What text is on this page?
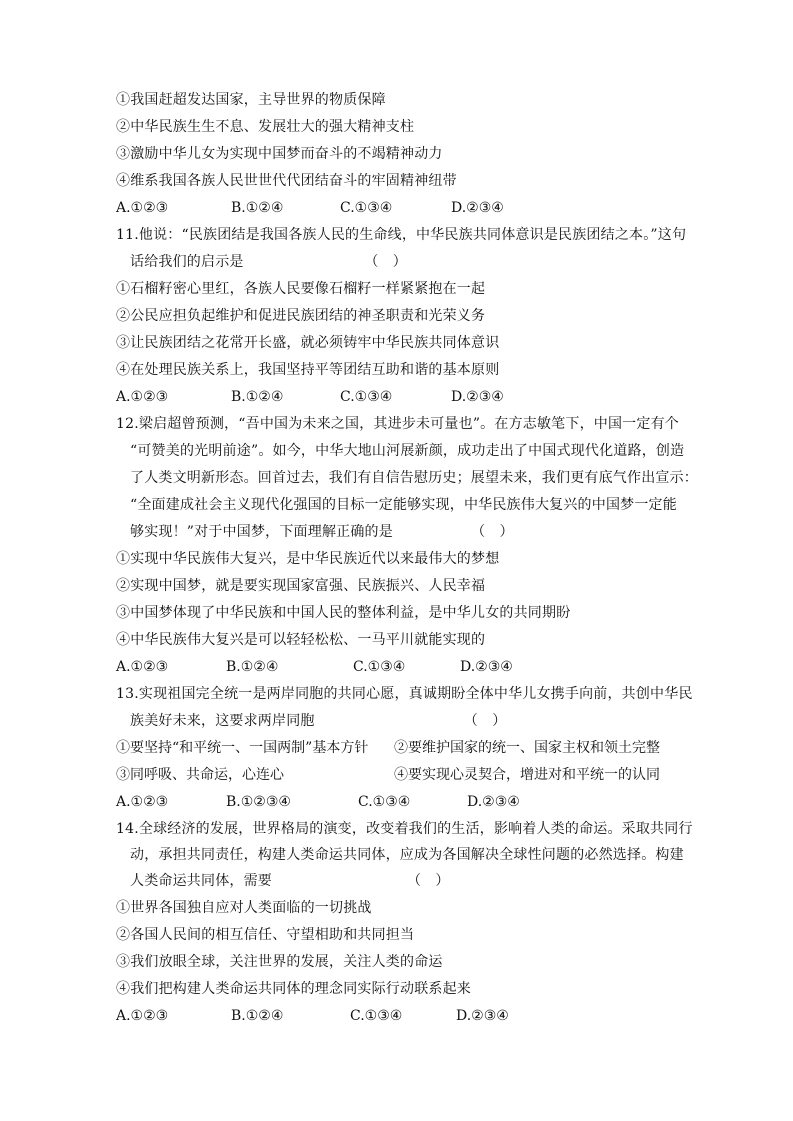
①我国赶超发达国家，主导世界的物质保障
②中华民族生生不息、发展壮大的强大精神支柱
③激励中华儿女为实现中国梦而奋斗的不竭精神动力
④维系我国各族人民世世代代团结奋斗的牢固精神纽带
A.①②③	B.①②④	C.①③④	D.②③④
11.他说：“民族团结是我国各族人民的生命线，中华民族共同体意识是民族团结之本。”这句
话给我们的启示是　　　　　　　　　（　）
①石榴籽密心里红，各族人民要像石榴籽一样紧紧抱在一起
②公民应担负起维护和促进民族团结的神圣职责和光荣义务
③让民族团结之花常开长盛，就必须铸牢中华民族共同体意识
④在处理民族关系上，我国坚持平等团结互助和谐的基本原则
A.①②③	B.①②④	C.①③④	D.②③④
12.梁启超曾预测，“吾中国为未来之国，其进步未可量也”。在方志敏笔下，中国一定有个
“可赞美的光明前途”。如今，中华大地山河展新颜，成功走出了中国式现代化道路，创造
了人类文明新形态。回首过去，我们有自信告慰历史；展望未来，我们更有底气作出宣示：
“全面建成社会主义现代化强国的目标一定能够实现，中华民族伟大复兴的中国梦一定能
够实现！”对于中国梦，下面理解正确的是　　　　　　（　）
①实现中华民族伟大复兴，是中华民族近代以来最伟大的梦想
②实现中国梦，就是要实现国家富强、民族振兴、人民幸福
③中国梦体现了中华民族和中国人民的整体利益，是中华儿女的共同期盼
④中华民族伟大复兴是可以轻轻松松、一马平川就能实现的
A.①②③	B.①②④	C.①③④	D.②③④
13.实现祖国完全统一是两岸同胞的共同心愿，真诚期盼全体中华儿女携手向前，共创中华民
族美好未来，这要求两岸同胞　　　　　　　　　　　（　）
①要坚持“和平统一、一国两制”基本方针 ②要维护国家的统一、国家主权和领土完整
③同呼吸、共命运，心连心	④要实现心灵契合，增进对和平统一的认同
A.①②③	B.①②③④	C.①③④	D.②③④
14.全球经济的发展，世界格局的演变，改变着我们的生活，影响着人类的命运。采取共同行
动，承担共同责任，构建人类命运共同体，应成为各国解决全球性问题的必然选择。构建
人类命运共同体，需要　　　　　　　　　　（　）
①世界各国独自应对人类面临的一切挑战
②各国人民间的相互信任、守望相助和共同担当
③我们放眼全球，关注世界的发展，关注人类的命运
④我们把构建人类命运共同体的理念同实际行动联系起来
A.①②③	B.①②④	C.①③④	D.②③④
